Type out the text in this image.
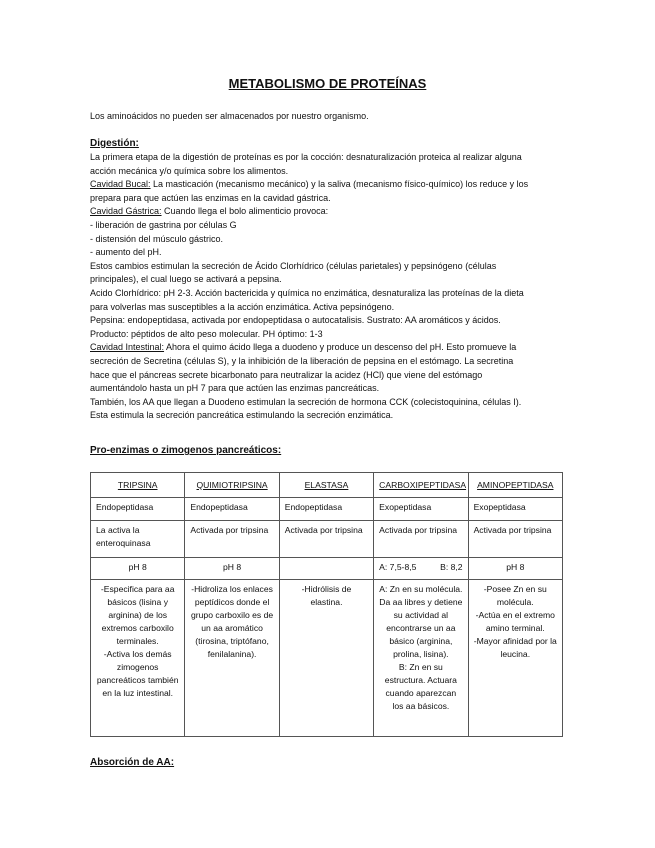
METABOLISMO DE PROTEÍNAS
Los aminoácidos no pueden ser almacenados por nuestro organismo.
Digestión:
La primera etapa de la digestión de proteínas es por la cocción: desnaturalización proteica al realizar alguna
acción mecánica y/o química sobre los alimentos.
Cavidad Bucal: La masticación (mecanismo mecánico) y la saliva (mecanismo físico-químico) los reduce y los
prepara para que actúen las enzimas en la cavidad gástrica.
Cavidad Gástrica: Cuando llega el bolo alimenticio provoca:
- liberación de gastrina por células G
- distensión del músculo gástrico.
- aumento del pH.
Estos cambios estimulan la secreción de Ácido Clorhídrico (células parietales) y pepsinógeno (células
principales), el cual luego se activará a pepsina.
Acido Clorhídrico: pH 2-3. Acción bactericida y química no enzimática, desnaturaliza las proteínas de la dieta
para volverlas mas susceptibles a la acción enzimática. Activa pepsinógeno.
Pepsina: endopeptidasa, activada por endopeptidasa o autocatalisis. Sustrato: AA aromáticos y ácidos.
Producto: péptidos de alto peso molecular. PH óptimo: 1-3
Cavidad Intestinal: Ahora el quimo ácido llega a duodeno y produce un descenso del pH. Esto promueve la
secreción de Secretina (células S), y la inhibición de la liberación de pepsina en el estómago. La secretina
hace que el páncreas secrete bicarbonato para neutralizar la acidez (HCl) que viene del estómago
aumentándolo hasta un pH 7 para que actúen las enzimas pancreáticas.
También, los AA que llegan a Duodeno estimulan la secreción de hormona CCK (colecistoquinina, células I).
Esta estimula la secreción pancreática estimulando la secreción enzimática.
Pro-enzimas o zimogenos pancreáticos:
TRIPSINA	QUIMIOTRIPSINA	ELASTASA	CARBOXIPEPTIDASA	AMINOPEPTIDASA
Endopeptidasa	Endopeptidasa	Endopeptidasa	Exopeptidasa	Exopeptidasa
La activa la enteroquinasa	Activada por tripsina	Activada por tripsina	Activada por tripsina	Activada por tripsina
pH 8	pH 8		A: 7,5-8,5 B: 8,2	pH 8
-Especifica para aa básicos (lisina y arginina) de los extremos carboxilo terminales.
-Activa los demás zimogenos pancreáticos también en la luz intestinal.	-Hidroliza los enlaces peptídicos donde el grupo carboxilo es de un aa aromático (tirosina, triptófano, fenilalanina).	-Hidrólisis de elastina.	A: Zn en su molécula. Da aa libres y detiene su actividad al encontrarse un aa básico (arginina, prolina, lisina).
B: Zn en su estructura. Actuara cuando aparezcan los aa básicos.	-Posee Zn en su molécula.
-Actúa en el extremo amino terminal.
-Mayor afinidad por la leucina.
Absorción de AA:
